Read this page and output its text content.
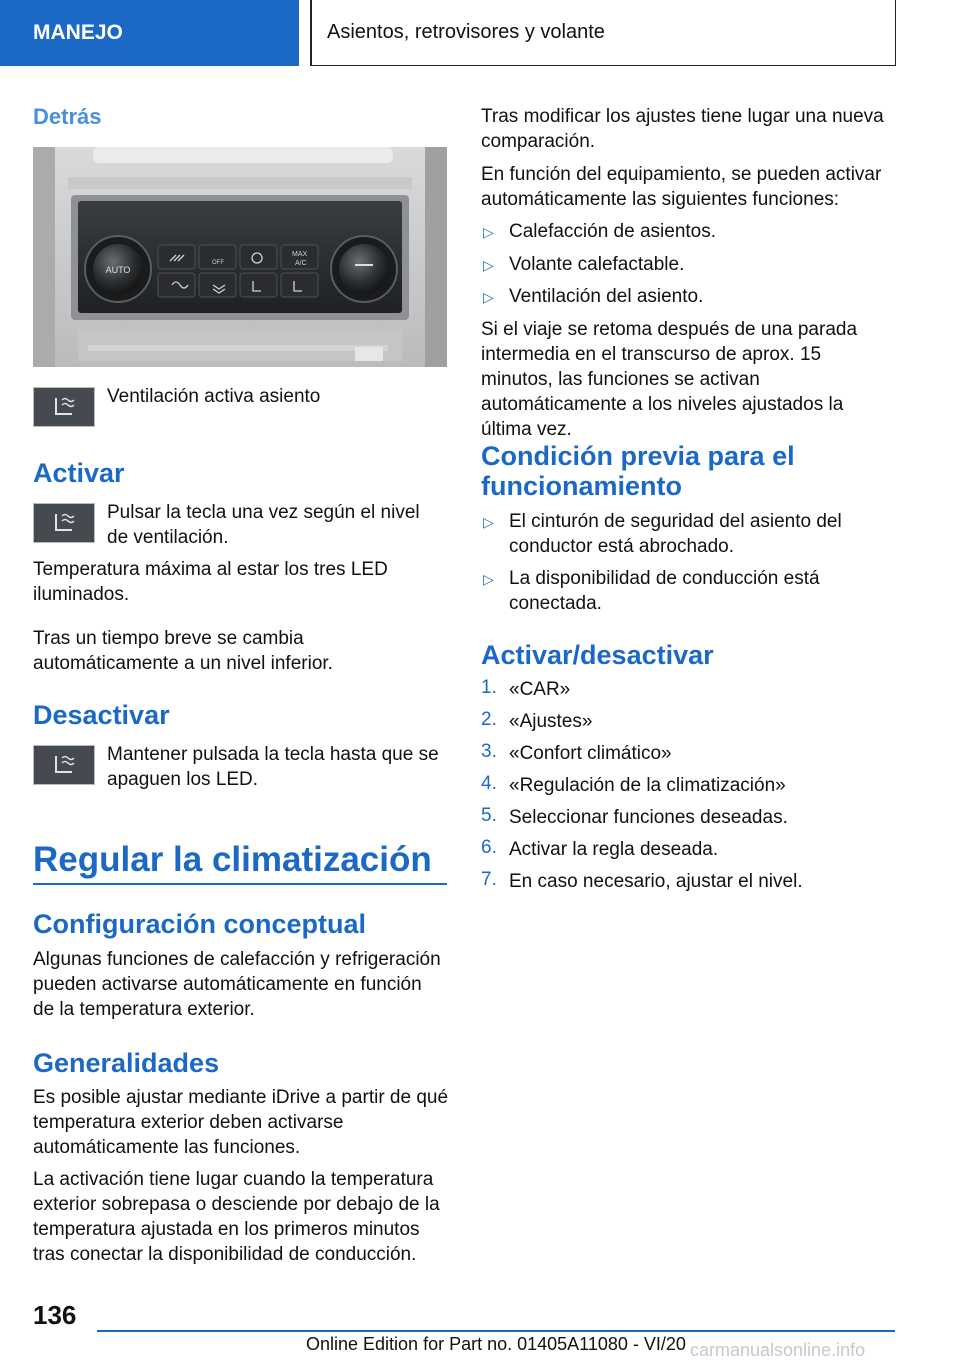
MANEJO	Asientos, retrovisores y volante
Detrás
AUTO
OFF
MAX
A/C
Ventilación activa asiento
Activar
Pulsar la tecla una vez según el nivel de ventilación.
Temperatura máxima al estar los tres LED iluminados.
Tras un tiempo breve se cambia automáticamente a un nivel inferior.
Desactivar
Mantener pulsada la tecla hasta que se apaguen los LED.
Regular la climatización
Configuración conceptual
Algunas funciones de calefacción y refrigeración pueden activarse automáticamente en función de la temperatura exterior.
Generalidades
Es posible ajustar mediante iDrive a partir de qué temperatura exterior deben activarse automáticamente las funciones.
La activación tiene lugar cuando la temperatura exterior sobrepasa o desciende por debajo de la temperatura ajustada en los primeros minutos tras conectar la disponibilidad de conducción.
Tras modificar los ajustes tiene lugar una nueva comparación.
En función del equipamiento, se pueden activar automáticamente las siguientes funciones:
▷ Calefacción de asientos.
▷ Volante calefactable.
▷ Ventilación del asiento.
Si el viaje se retoma después de una parada intermedia en el transcurso de aprox. 15 minutos, las funciones se activan automáticamente a los niveles ajustados la última vez.
Condición previa para el funcionamiento
▷ El cinturón de seguridad del asiento del conductor está abrochado.
▷ La disponibilidad de conducción está conectada.
Activar/desactivar
1. «CAR»
2. «Ajustes»
3. «Confort climático»
4. «Regulación de la climatización»
5. Seleccionar funciones deseadas.
6. Activar la regla deseada.
7. En caso necesario, ajustar el nivel.
136
Online Edition for Part no. 01405A11080 - VI/20 carmanualsonline.info
